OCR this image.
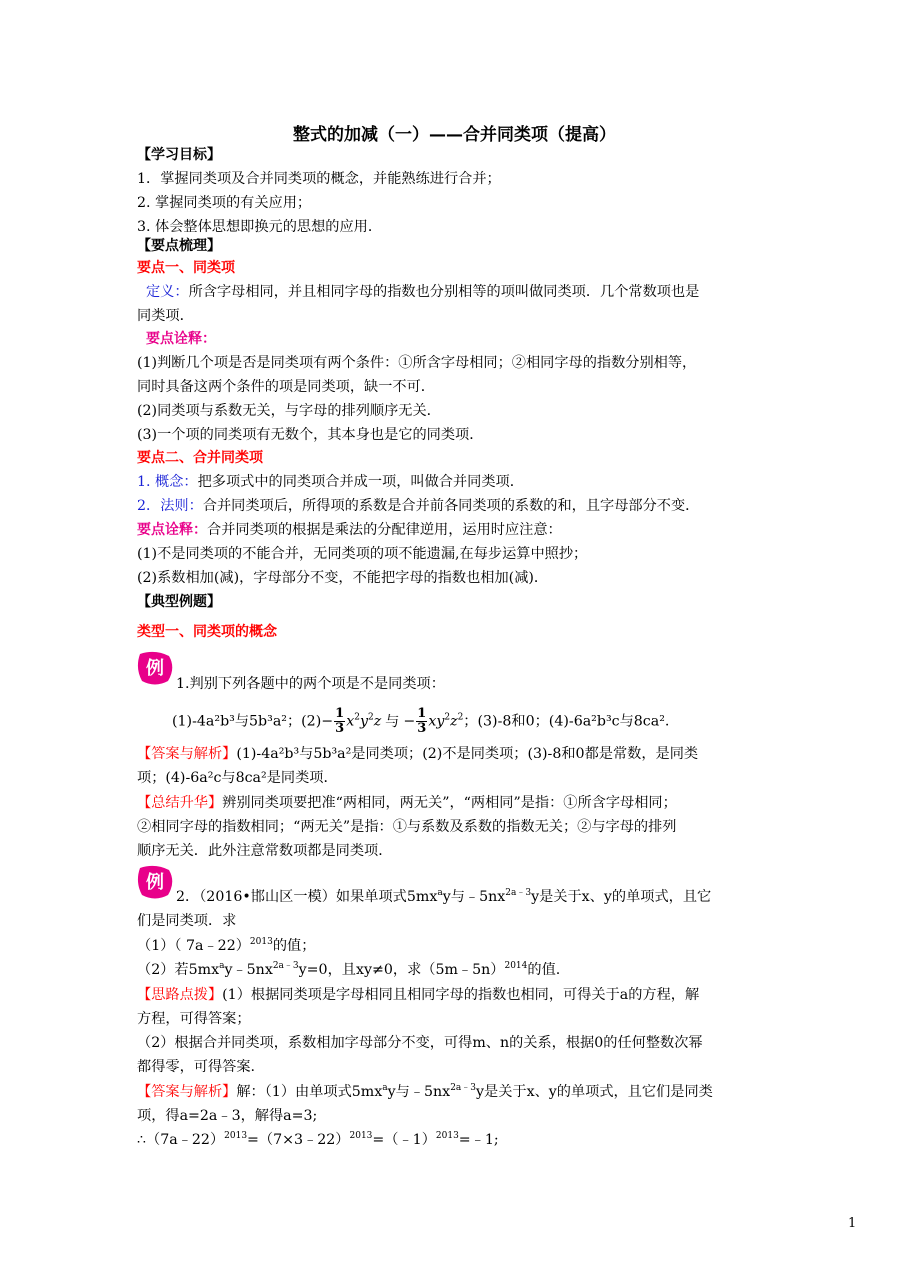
整式的加减（一）——合并同类项（提高）
【学习目标】
1．掌握同类项及合并同类项的概念，并能熟练进行合并；
2. 掌握同类项的有关应用；
3. 体会整体思想即换元的思想的应用．
【要点梳理】
要点一、同类项
定义：所含字母相同，并且相同字母的指数也分别相等的项叫做同类项．几个常数项也是
同类项．
要点诠释：
(1)判断几个项是否是同类项有两个条件：①所含字母相同；②相同字母的指数分别相等，
同时具备这两个条件的项是同类项，缺一不可．
(2)同类项与系数无关，与字母的排列顺序无关．
(3)一个项的同类项有无数个，其本身也是它的同类项．
要点二、合并同类项
1. 概念：把多项式中的同类项合并成一项，叫做合并同类项．
2．法则：合并同类项后，所得项的系数是合并前各同类项的系数的和，且字母部分不变．
要点诠释：合并同类项的根据是乘法的分配律逆用，运用时应注意：
(1)不是同类项的不能合并，无同类项的项不能遗漏,在每步运算中照抄；
(2)系数相加(减)，字母部分不变，不能把字母的指数也相加(减)．
【典型例题】
类型一、同类项的概念
例
1.判别下列各题中的两个项是不是同类项：
(1)-4a²b³与5b³a²；$(2)- \frac{1}{3} x^2y^2z$ 与 − $\frac{1}{3} xy^2z^2$；(3)-8和0；(4)-6a²b³c与8ca².
【答案与解析】(1)-4a²b³与5b³a²是同类项；(2)不是同类项；(3)-8和0都是常数，是同类
项；(4)-6a²c与8ca²是同类项．
【总结升华】辨别同类项要把准“两相同，两无关”，“两相同”是指：①所含字母相同；
②相同字母的指数相同；“两无关”是指：①与系数及系数的指数无关；②与字母的排列
顺序无关．此外注意常数项都是同类项．
例
2．（2016•邯山区一模）如果单项式$5mx^ay$与$﹣5nx^{2a﹣3}y$是关于x、y的单项式，且它
们是同类项．求
（1）（ 7a﹣22）$^{2013}$的值；
（2）若$5mx^ay﹣5nx^{2a﹣3}y=0$，且xy≠0，求（5m﹣5n）$^{2014}$的值.
【思路点拨】(1）根据同类项是字母相同且相同字母的指数也相同，可得关于a的方程，解
方程，可得答案；
（2）根据合并同类项，系数相加字母部分不变，可得m、n的关系，根据0的任何整数次幂
都得零，可得答案.
【答案与解析】解：（1）由单项式$5mx^ay$与$﹣5nx^{2a﹣3}y$是关于x、y的单项式，且它们是同类
项，得a=2a﹣3，解得a=3;
∴（7a﹣22）$^{2013}$=（7×3﹣22）$^{2013}$=（﹣1）$^{2013}$=﹣1;
1
